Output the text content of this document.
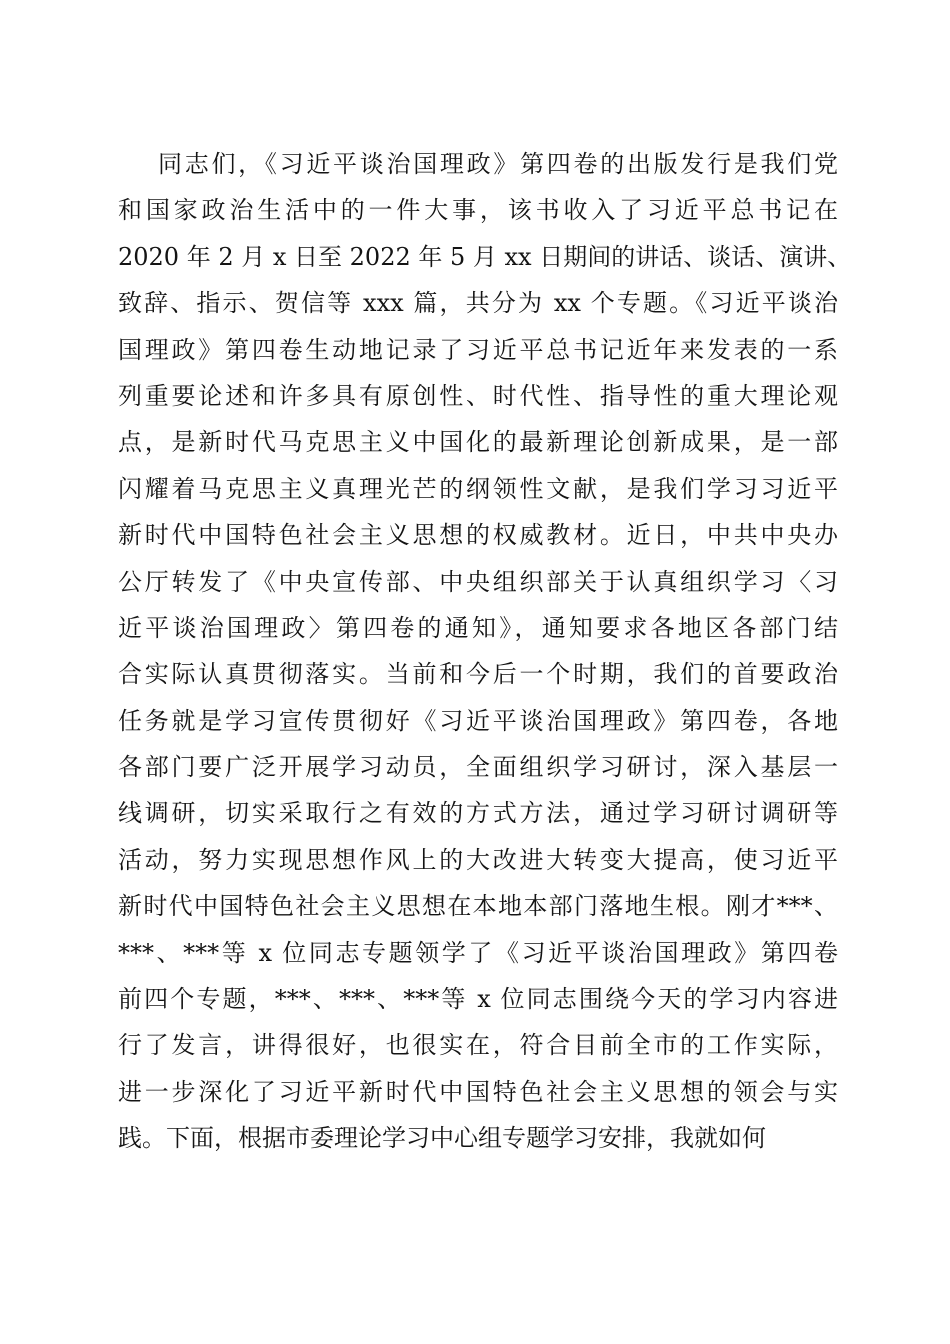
同志们，《习近平谈治国理政》第四卷的出版发行是我们党
和国家政治生活中的一件大事，该书收入了习近平总书记在
2020 年 2 月 x 日至 2022 年 5 月 xx 日期间的讲话、谈话、演讲、
致辞、指示、贺信等 xxx 篇，共分为 xx 个专题。《习近平谈治
国理政》第四卷生动地记录了习近平总书记近年来发表的一系
列重要论述和许多具有原创性、时代性、指导性的重大理论观
点，是新时代马克思主义中国化的最新理论创新成果，是一部
闪耀着马克思主义真理光芒的纲领性文献，是我们学习习近平
新时代中国特色社会主义思想的权威教材。近日，中共中央办
公厅转发了《中央宣传部、中央组织部关于认真组织学习〈习
近平谈治国理政〉第四卷的通知》，通知要求各地区各部门结
合实际认真贯彻落实。当前和今后一个时期，我们的首要政治
任务就是学习宣传贯彻好《习近平谈治国理政》第四卷，各地
各部门要广泛开展学习动员，全面组织学习研讨，深入基层一
线调研，切实采取行之有效的方式方法，通过学习研讨调研等
活动，努力实现思想作风上的大改进大转变大提高，使习近平
新时代中国特色社会主义思想在本地本部门落地生根。刚才***、
***、***等 x 位同志专题领学了《习近平谈治国理政》第四卷
前四个专题，***、***、***等 x 位同志围绕今天的学习内容进
行了发言，讲得很好，也很实在，符合目前全市的工作实际，
进一步深化了习近平新时代中国特色社会主义思想的领会与实
践。下面，根据市委理论学习中心组专题学习安排，我就如何
